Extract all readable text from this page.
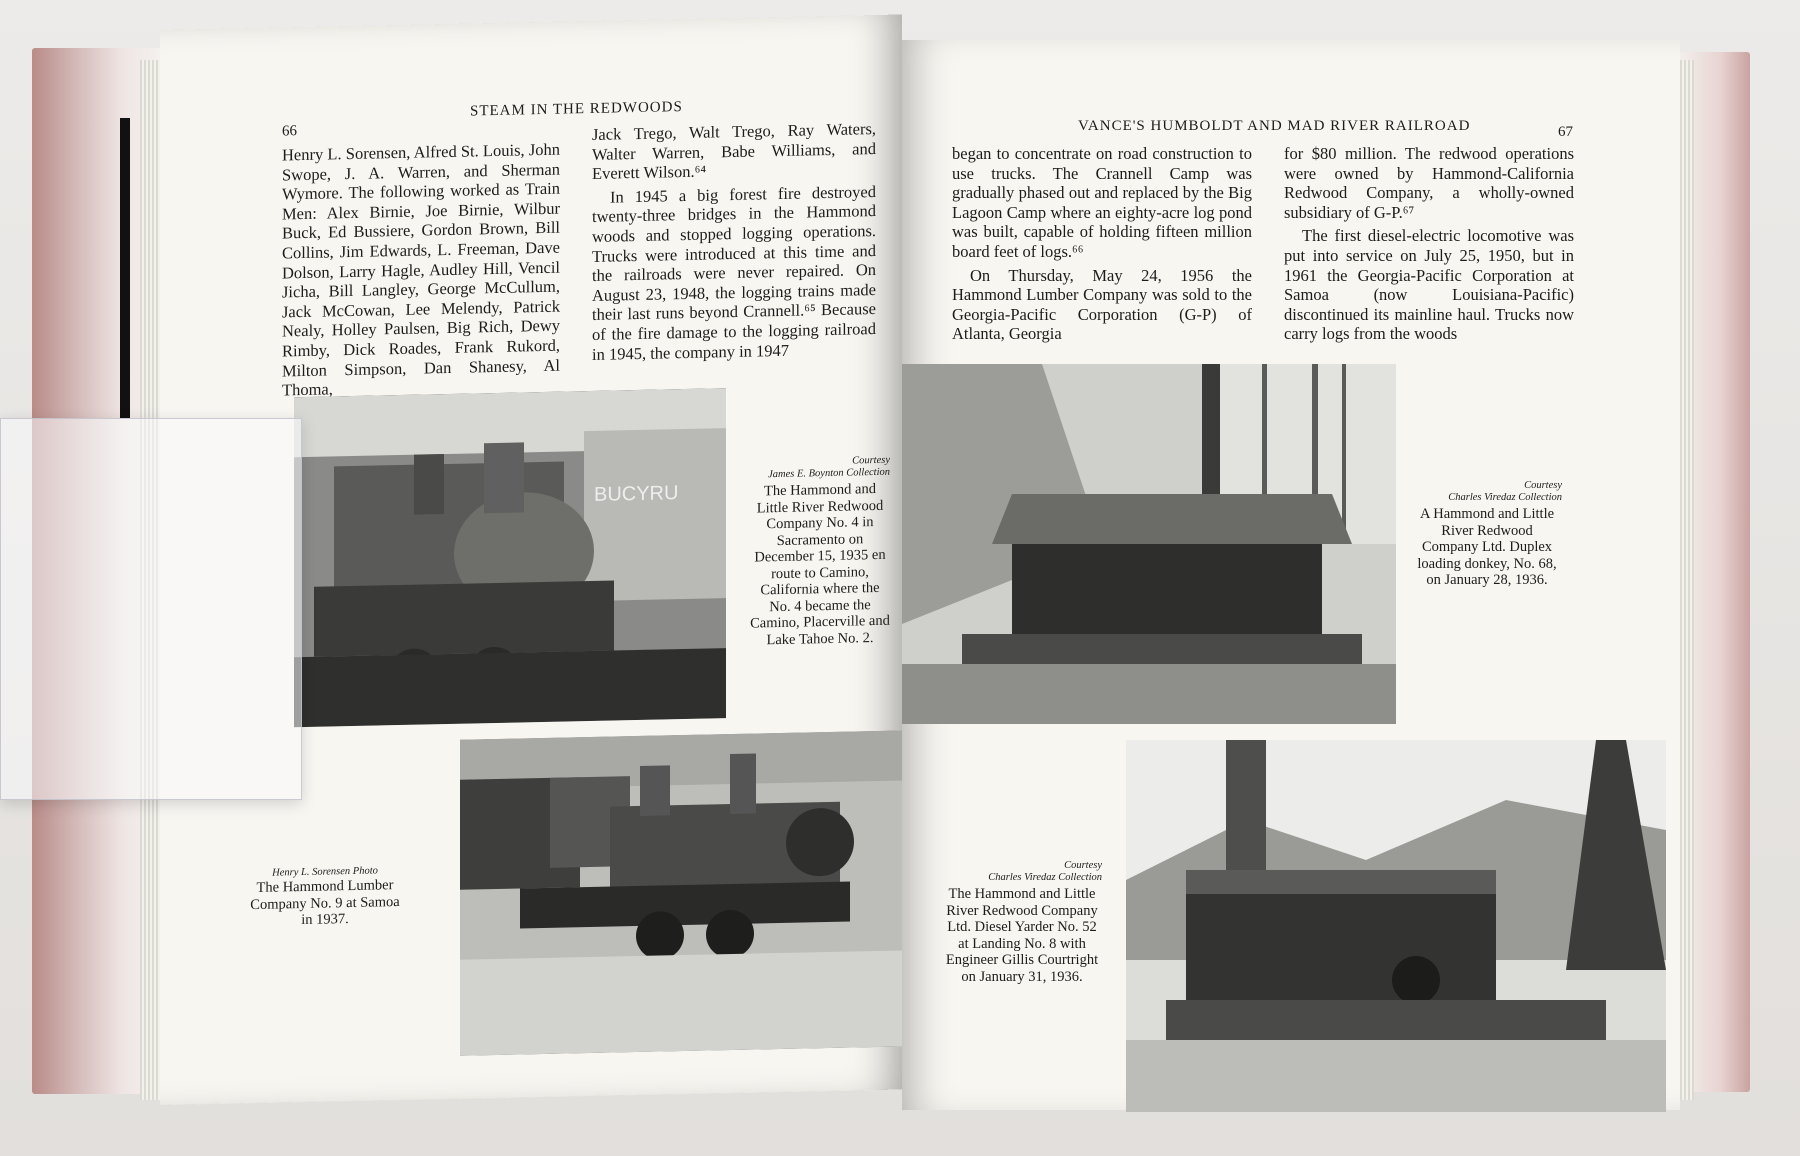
66
STEAM IN THE REDWOODS

Henry L. Sorensen, Alfred St. Louis, John Swope, J. A. Warren, and Sherman Wymore. The following worked as Train Men: Alex Birnie, Joe Birnie, Wilbur Buck, Ed Bussiere, Gordon Brown, Bill Collins, Jim Edwards, L. Freeman, Dave Dolson, Larry Hagle, Audley Hill, Vencil Jicha, Bill Langley, George McCullum, Jack McCowan, Lee Melendy, Patrick Nealy, Holley Paulsen, Big Rich, Dewy Rimby, Dick Roades, Frank Rukord, Milton Simpson, Dan Shanesy, Al Thoma,

Jack Trego, Walt Trego, Ray Waters, Walter Warren, Babe Williams, and Everett Wilson.⁶⁴

In 1945 a big forest fire destroyed twenty-three bridges in the Hammond woods and stopped logging operations. Trucks were introduced at this time and the railroads were never repaired. On August 23, 1948, the logging trains made their last runs beyond Crannell.⁶⁵ Because of the fire damage to the logging railroad in 1945, the company in 1947

BUCYRU
Courtesy
James E. Boynton Collection
The Hammond and Little River Redwood Company No. 4 in Sacramento on December 15, 1935 en route to Camino, California where the No. 4 became the Camino, Placerville and Lake Tahoe No. 2.
Henry L. Sorensen Photo
The Hammond Lumber Company No. 9 at Samoa in 1937.
VANCE'S HUMBOLDT AND MAD RIVER RAILROAD	67

began to concentrate on road construction to use trucks. The Crannell Camp was gradually phased out and replaced by the Big Lagoon Camp where an eighty-acre log pond was built, capable of holding fifteen million board feet of logs.⁶⁶

On Thursday, May 24, 1956 the Hammond Lumber Company was sold to the Georgia-Pacific Corporation (G-P) of Atlanta, Georgia

for $80 million. The redwood operations were owned by Hammond-California Redwood Company, a wholly-owned subsidiary of G-P.⁶⁷

The first diesel-electric locomotive was put into service on July 25, 1950, but in 1961 the Georgia-Pacific Corporation at Samoa (now Louisiana-Pacific) discontinued its mainline haul. Trucks now carry logs from the woods

Courtesy
Charles Viredaz Collection
A Hammond and Little River Redwood Company Ltd. Duplex loading donkey, No. 68, on January 28, 1936.
Courtesy
Charles Viredaz Collection
The Hammond and Little River Redwood Company Ltd. Diesel Yarder No. 52 at Landing No. 8 with Engineer Gillis Courtright on January 31, 1936.
